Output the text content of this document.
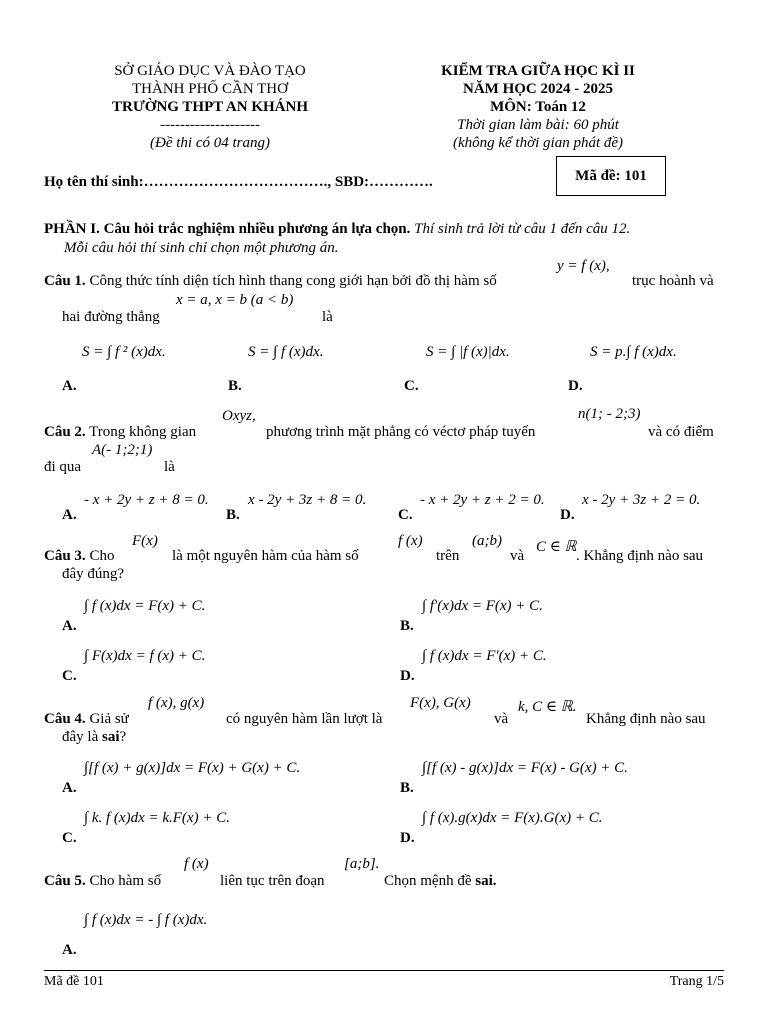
SỞ GIÁO DỤC VÀ ĐÀO TẠO
THÀNH PHỐ CẦN THƠ
TRƯỜNG THPT AN KHÁNH
--------------------
(Đề thi có 04 trang)
KIỂM TRA GIỮA HỌC KÌ II
NĂM HỌC 2024 - 2025
MÔN: Toán 12
Thời gian làm bài: 60 phút
(không kể thời gian phát đề)
Họ tên thí sinh:………………………………., SBD:………….	Mã đề: 101
PHẦN I. Câu hỏi trắc nghiệm nhiều phương án lựa chọn. Thí sinh trả lời từ câu 1 đến câu 12.
Mỗi câu hỏi thí sinh chỉ chọn một phương án.
y = f (x),
Câu 1. Công thức tính diện tích hình thang cong giới hạn bởi đồ thị hàm số	trục hoành và
x = a, x = b (a < b)
hai đường thẳng	là
S = ∫ f ² (x)dx.
A.
S = ∫ f (x)dx.
B.
S = ∫ |f (x)|dx.
C.
S = p.∫ f (x)dx.
D.
Oxyz,	n(1; - 2;3)
Câu 2. Trong không gian	phương trình mặt phẳng có véctơ pháp tuyến	và có điểm
A(- 1;2;1)
đi qua	là
- x + 2y + z + 8 = 0.
A.
x - 2y + 3z + 8 = 0.
B.
- x + 2y + z + 2 = 0.
C.
x - 2y + 3z + 2 = 0.
D.
F(x)	f (x)	(a;b) C ∈ ℝ
Câu 3. Cho	là một nguyên hàm của hàm số	trên	và	. Khẳng định nào sau
đây đúng?
∫ f (x)dx = F(x) + C.
A.
∫ f′(x)dx = F(x) + C.
B.
∫ F(x)dx = f (x) + C.
C.
∫ f (x)dx = F′(x) + C.
D.
f (x), g(x)	F(x), G(x)	k, C ∈ ℝ.
Câu 4. Giả sử	có nguyên hàm lần lượt là	và	Khẳng định nào sau
đây là sai?
∫[f (x) + g(x)]dx = F(x) + G(x) + C.
A.
∫[f (x) - g(x)]dx = F(x) - G(x) + C.
B.
∫ k. f (x)dx = k.F(x) + C.
C.
∫ f (x).g(x)dx = F(x).G(x) + C.
D.
f (x)	[a;b].
Câu 5. Cho hàm số	liên tục trên đoạn	Chọn mệnh đề sai.
∫ f (x)dx = - ∫ f (x)dx.
A.
Mã đề 101	Trang 1/5
